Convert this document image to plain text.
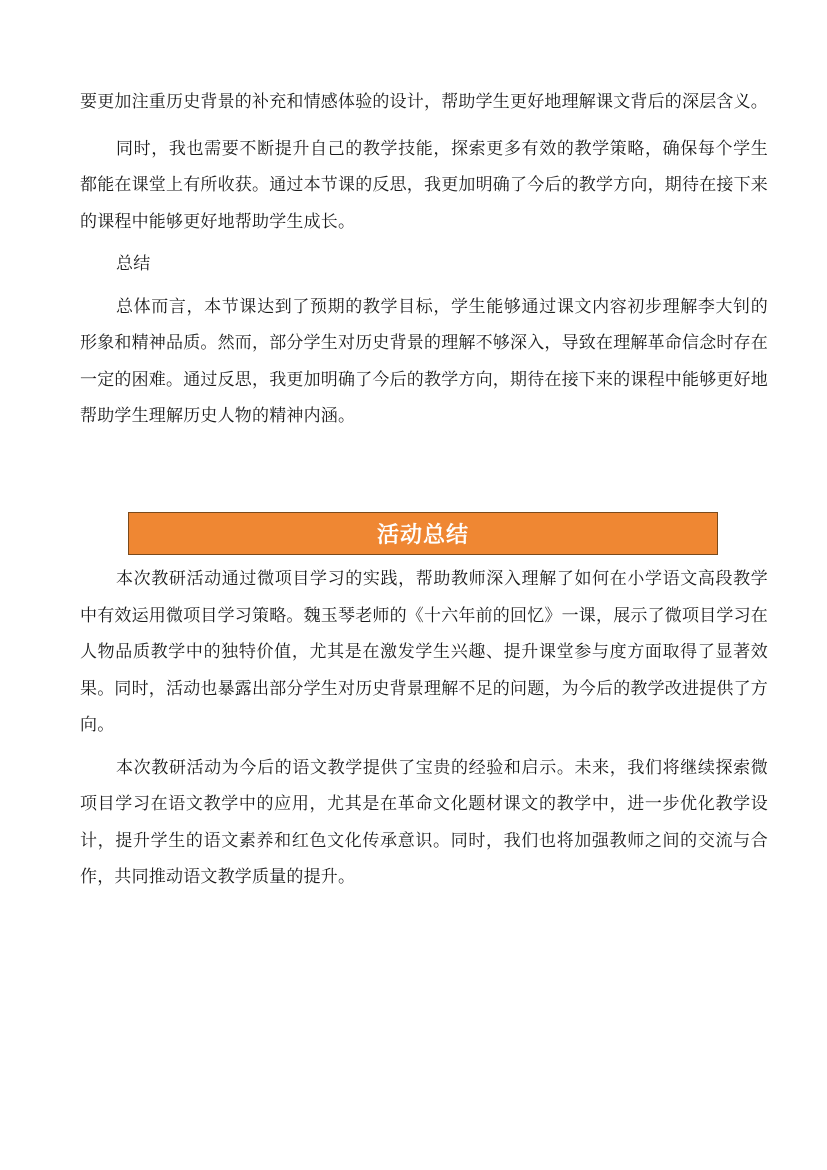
要更加注重历史背景的补充和情感体验的设计，帮助学生更好地理解课文背后的深层含义。

同时，我也需要不断提升自己的教学技能，探索更多有效的教学策略，确保每个学生都能在课堂上有所收获。通过本节课的反思，我更加明确了今后的教学方向，期待在接下来的课程中能够更好地帮助学生成长。

总结

总体而言，本节课达到了预期的教学目标，学生能够通过课文内容初步理解李大钊的形象和精神品质。然而，部分学生对历史背景的理解不够深入，导致在理解革命信念时存在一定的困难。通过反思，我更加明确了今后的教学方向，期待在接下来的课程中能够更好地帮助学生理解历史人物的精神内涵。

活动总结

本次教研活动通过微项目学习的实践，帮助教师深入理解了如何在小学语文高段教学中有效运用微项目学习策略。魏玉琴老师的《十六年前的回忆》一课，展示了微项目学习在人物品质教学中的独特价值，尤其是在激发学生兴趣、提升课堂参与度方面取得了显著效果。同时，活动也暴露出部分学生对历史背景理解不足的问题，为今后的教学改进提供了方向。

本次教研活动为今后的语文教学提供了宝贵的经验和启示。未来，我们将继续探索微项目学习在语文教学中的应用，尤其是在革命文化题材课文的教学中，进一步优化教学设计，提升学生的语文素养和红色文化传承意识。同时，我们也将加强教师之间的交流与合作，共同推动语文教学质量的提升。
